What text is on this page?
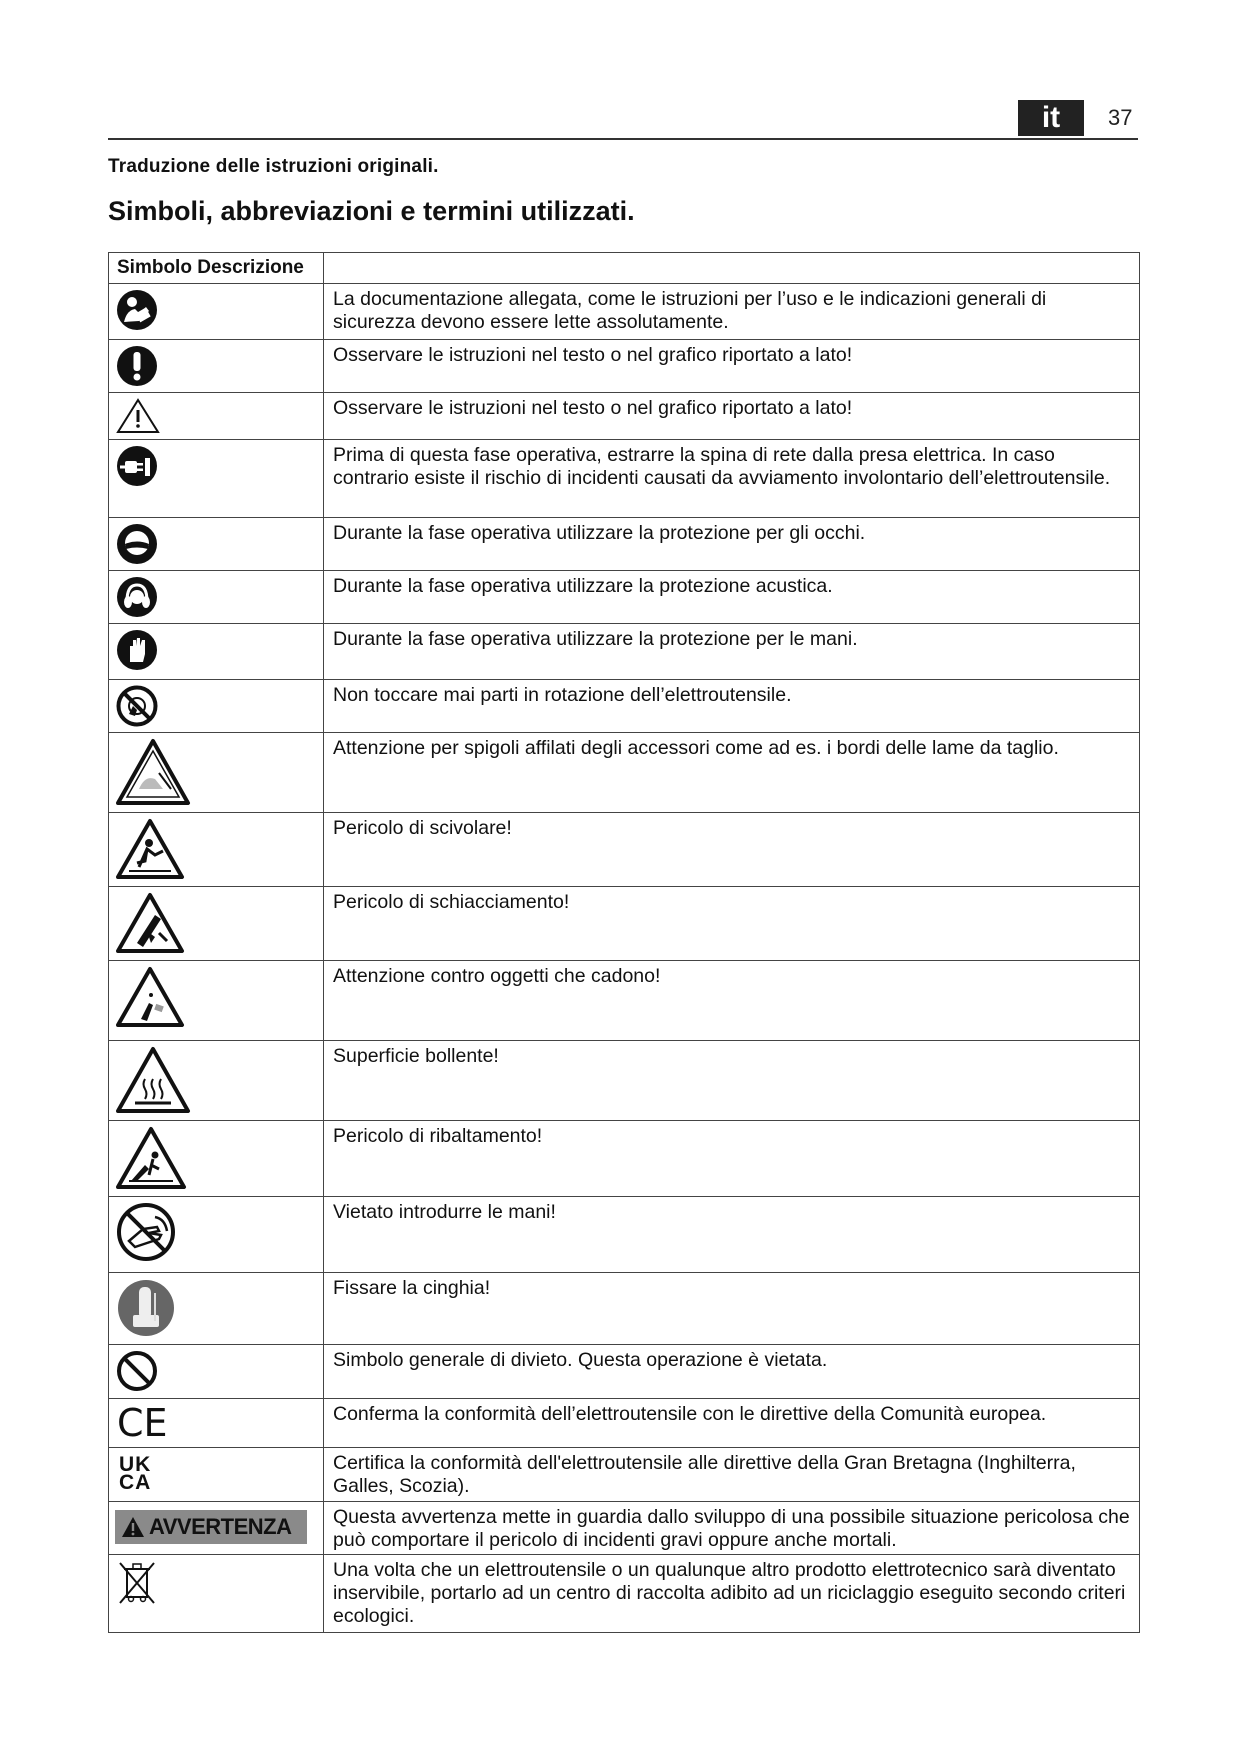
it	37
Traduzione delle istruzioni originali.
Simboli, abbreviazioni e termini utilizzati.
Simbolo Descrizione	

	La documentazione allegata, come le istruzioni per l’uso e le indicazioni generali di sicurezza devono essere lette assolutamente.

	Osservare le istruzioni nel testo o nel grafico riportato a lato!

	Osservare le istruzioni nel testo o nel grafico riportato a lato!

	Prima di questa fase operativa, estrarre la spina di rete dalla presa elettrica. In caso contrario esiste il rischio di incidenti causati da avviamento involontario dell’elettroutensile.

	Durante la fase operativa utilizzare la protezione per gli occhi.

	Durante la fase operativa utilizzare la protezione acustica.

	Durante la fase operativa utilizzare la protezione per le mani.

	Non toccare mai parti in rotazione dell’elettroutensile.

	Attenzione per spigoli affilati degli accessori come ad es. i bordi delle lame da taglio.

	Pericolo di scivolare!

	Pericolo di schiacciamento!

	Attenzione contro oggetti che cadono!

	Superficie bollente!

	Pericolo di ribaltamento!

	Vietato introdurre le mani!

	Fissare la cinghia!

	Simbolo generale di divieto. Questa operazione è vietata.

CE	Conferma la conformità dell’elettroutensile con le direttive della Comunità europea.

UK
CA	Certifica la conformità dell'elettroutensile alle direttive della Gran Bretagna (Inghilterra, Galles, Scozia).

AVVERTENZA	Questa avvertenza mette in guardia dallo sviluppo di una possibile situazione pericolosa che può comportare il pericolo di incidenti gravi oppure anche mortali.

	Una volta che un elettroutensile o un qualunque altro prodotto elettrotecnico sarà diventato inservibile, portarlo ad un centro di raccolta adibito ad un riciclaggio eseguito secondo criteri ecologici.
